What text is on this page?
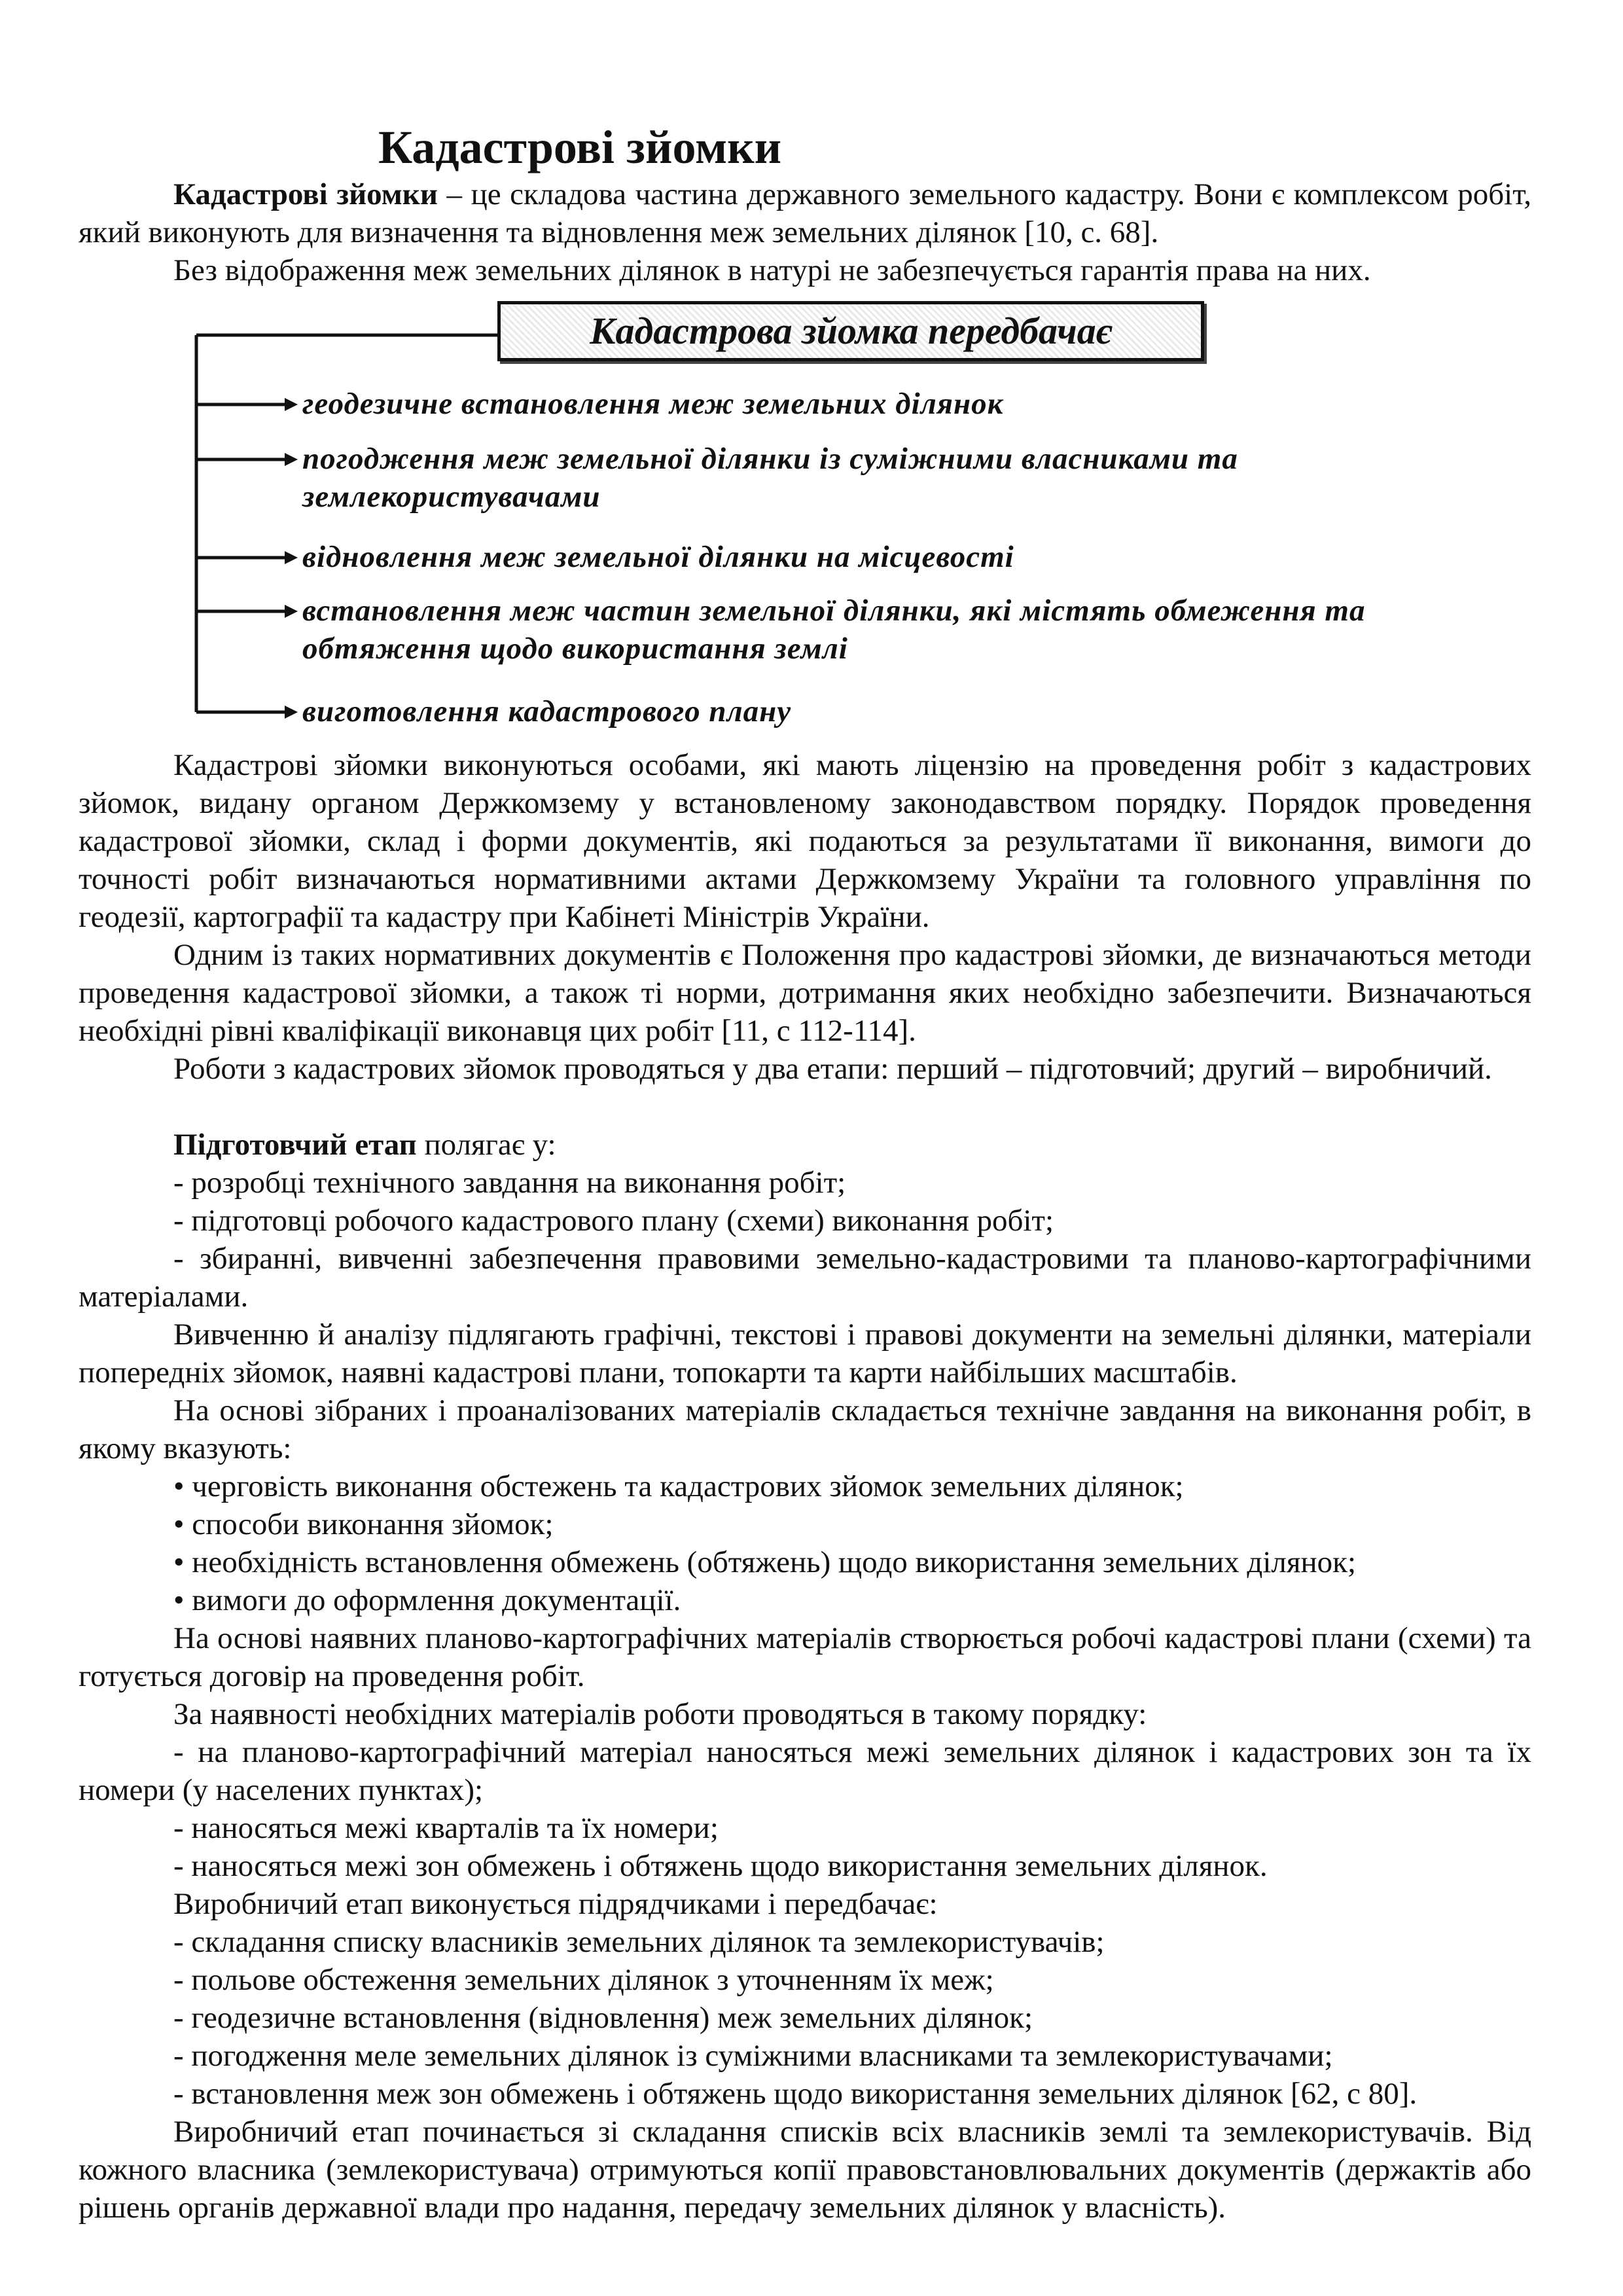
Кадастрові зйомки

Кадастрові зйомки – це складова частина державного земельного кадастру. Вони є комплексом робіт, який виконують для визначення та відновлення меж земельних ділянок [10, с. 68].

Без відображення меж земельних ділянок в натурі не забезпечується гарантія права на них.

Кадастрова зйомка передбачає
геодезичне встановлення меж земельних ділянок
погодження меж земельної ділянки із суміжними власниками та землекористувачами
відновлення меж земельної ділянки на місцевості
встановлення меж частин земельної ділянки, які містять обмеження та обтяження щодо використання землі
виготовлення кадастрового плану

Кадастрові зйомки виконуються особами, які мають ліцензію на проведення робіт з кадастрових зйомок, видану органом Держкомзему у встановленому законодавством порядку. Порядок проведення кадастрової зйомки, склад і форми документів, які подаються за результатами її виконання, вимоги до точності робіт визначаються нормативними актами Держкомзему України та головного управління по геодезії, картографії та кадастру при Кабінеті Міністрів України.

Одним із таких нормативних документів є Положення про кадастрові зйомки, де визначаються методи проведення кадастрової зйомки, а також ті норми, дотримання яких необхідно забезпечити. Визначаються необхідні рівні кваліфікації виконавця цих робіт [11, с 112-114].

Роботи з кадастрових зйомок проводяться у два етапи: перший – підготовчий; другий – виробничий.

Підготовчий етап полягає у:

- розробці технічного завдання на виконання робіт;

- підготовці робочого кадастрового плану (схеми) виконання робіт;

- збиранні, вивченні забезпечення правовими земельно-кадастровими та планово-картографічними матеріалами.

Вивченню й аналізу підлягають графічні, текстові і правові документи на земельні ділянки, матеріали попередніх зйомок, наявні кадастрові плани, топокарти та карти найбільших масштабів.

На основі зібраних і проаналізованих матеріалів складається технічне завдання на виконання робіт, в якому вказують:

• черговість виконання обстежень та кадастрових зйомок земельних ділянок;

• способи виконання зйомок;

• необхідність встановлення обмежень (обтяжень) щодо використання земельних ділянок;

• вимоги до оформлення документації.

На основі наявних планово-картографічних матеріалів створюється робочі кадастрові плани (схеми) та готується договір на проведення робіт.

За наявності необхідних матеріалів роботи проводяться в такому порядку:

- на планово-картографічний матеріал наносяться межі земельних ділянок і кадастрових зон та їх номери (у населених пунктах);

- наносяться межі кварталів та їх номери;

- наносяться межі зон обмежень і обтяжень щодо використання земельних ділянок.

Виробничий етап виконується підрядчиками і передбачає:

- складання списку власників земельних ділянок та землекористувачів;

- польове обстеження земельних ділянок з уточненням їх меж;

- геодезичне встановлення (відновлення) меж земельних ділянок;

- погодження меле земельних ділянок із суміжними власниками та землекористувачами;

- встановлення меж зон обмежень і обтяжень щодо використання земельних ділянок [62, с 80].

Виробничий етап починається зі складання списків всіх власників землі та землекористувачів. Від кожного власника (землекористувача) отримуються копії правовстановлювальних документів (держактів або рішень органів державної влади про надання, передачу земельних ділянок у власність).
